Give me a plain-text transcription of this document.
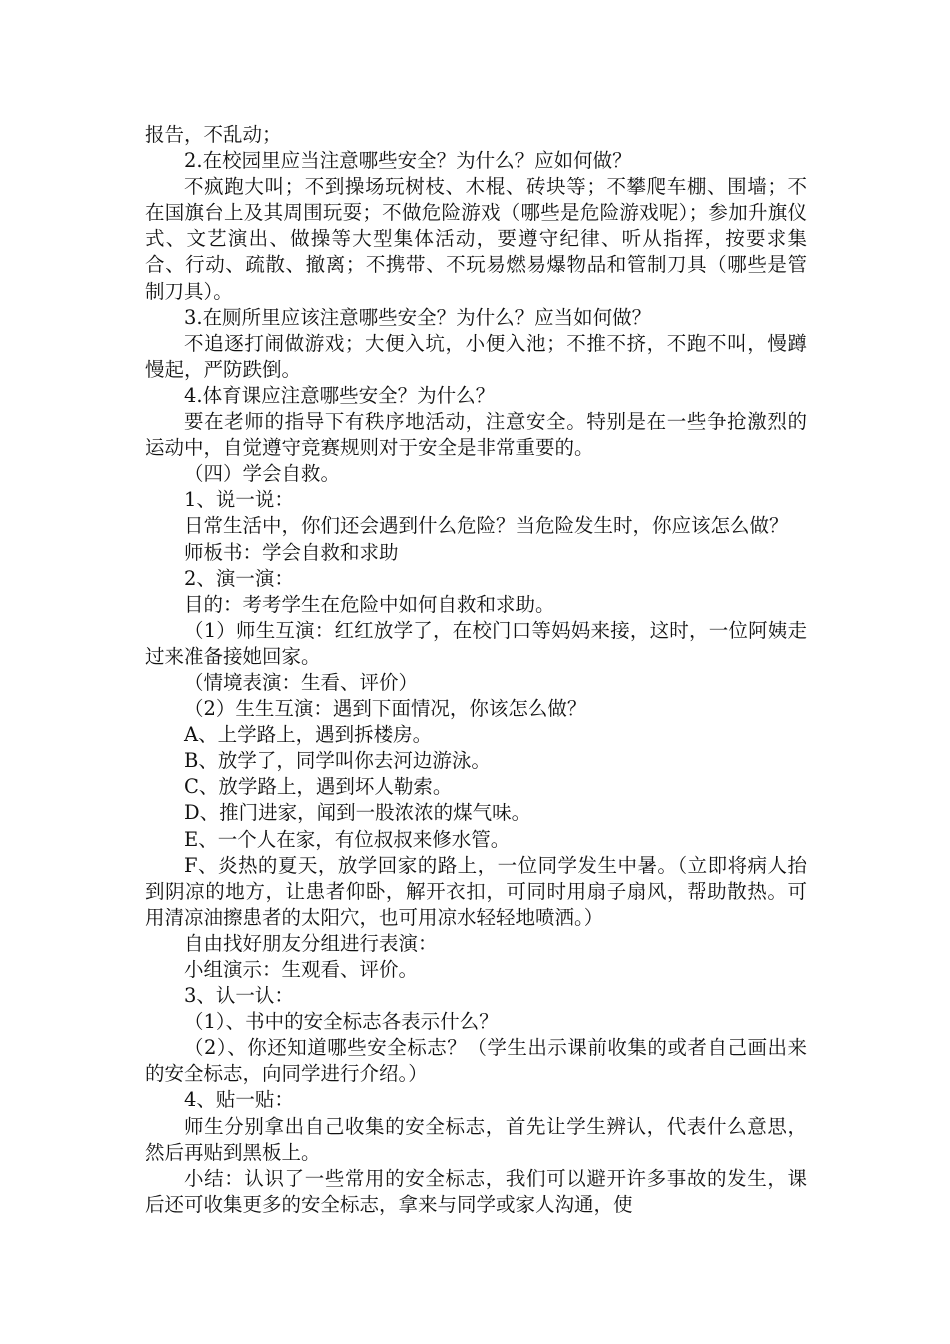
报告，不乱动；

2.在校园里应当注意哪些安全？为什么？应如何做？

不疯跑大叫；不到操场玩树枝、木棍、砖块等；不攀爬车棚、围墙；不在国旗台上及其周围玩耍；不做危险游戏（哪些是危险游戏呢）；参加升旗仪式、文艺演出、做操等大型集体活动，要遵守纪律、听从指挥，按要求集合、行动、疏散、撤离；不携带、不玩易燃易爆物品和管制刀具（哪些是管制刀具）。

3.在厕所里应该注意哪些安全？为什么？应当如何做？

不追逐打闹做游戏；大便入坑，小便入池；不推不挤，不跑不叫，慢蹲慢起，严防跌倒。

4.体育课应注意哪些安全？为什么？

要在老师的指导下有秩序地活动，注意安全。特别是在一些争抢激烈的运动中，自觉遵守竞赛规则对于安全是非常重要的。

（四）学会自救。

1、说一说：

日常生活中，你们还会遇到什么危险？当危险发生时，你应该怎么做？

师板书：学会自救和求助

2、演一演：

目的：考考学生在危险中如何自救和求助。

（1）师生互演：红红放学了，在校门口等妈妈来接，这时，一位阿姨走过来准备接她回家。

（情境表演：生看、评价）

（2）生生互演：遇到下面情况，你该怎么做？

A、上学路上，遇到拆楼房。

B、放学了，同学叫你去河边游泳。

C、放学路上，遇到坏人勒索。

D、推门进家，闻到一股浓浓的煤气味。

E、一个人在家，有位叔叔来修水管。

F、炎热的夏天，放学回家的路上，一位同学发生中暑。（立即将病人抬到阴凉的地方，让患者仰卧，解开衣扣，可同时用扇子扇风，帮助散热。可用清凉油擦患者的太阳穴，也可用凉水轻轻地喷洒。）

自由找好朋友分组进行表演：

小组演示：生观看、评价。

3、认一认：

（1）、书中的安全标志各表示什么？

（2）、你还知道哪些安全标志？（学生出示课前收集的或者自己画出来的安全标志，向同学进行介绍。）

4、贴一贴：

师生分别拿出自己收集的安全标志，首先让学生辨认，代表什么意思，然后再贴到黑板上。

小结：认识了一些常用的安全标志，我们可以避开许多事故的发生，课后还可收集更多的安全标志，拿来与同学或家人沟通，使
